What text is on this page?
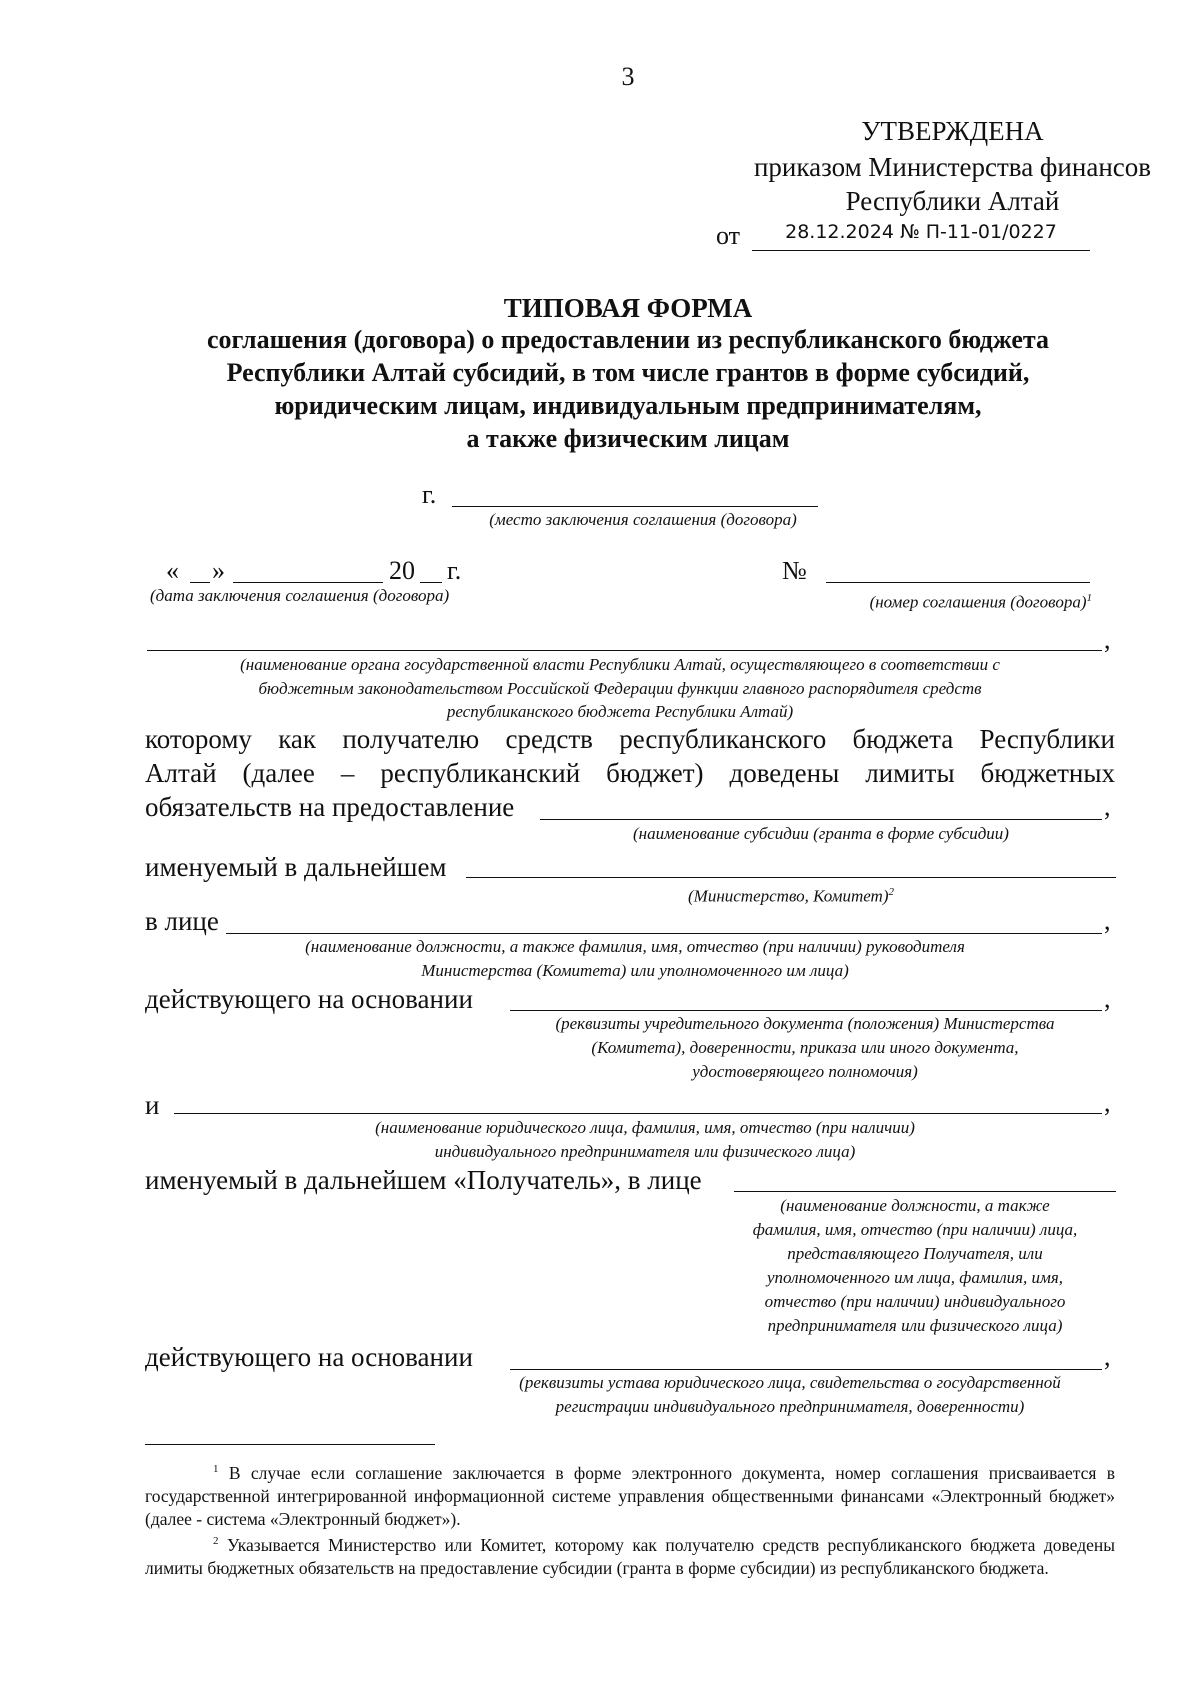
3
УТВЕРЖДЕНА
приказом Министерства финансов
Республики Алтай
от	28.12.2024 № П-11-01/0227
ТИПОВАЯ ФОРМА
соглашения (договора) о предоставлении из республиканского бюджета
Республики Алтай субсидий, в том числе грантов в форме субсидий,
юридическим лицам, индивидуальным предпринимателям,
а также физическим лицам
г.
(место заключения соглашения (договора)
« »	20 г.
(дата заключения соглашения (договора)
№
(номер соглашения (договора)$^1$
,
(наименование органа государственной власти Республики Алтай, осуществляющего в соответствии с
бюджетным законодательством Российской Федерации функции главного распорядителя средств
республиканского бюджета Республики Алтай)
которому как получателю средств республиканского бюджета Республики
Алтай (далее – республиканский бюджет) доведены лимиты бюджетных
обязательств на предоставление	,
(наименование субсидии (гранта в форме субсидии)
именуемый в дальнейшем
(Министерство, Комитет)$^2$
в лице	,
(наименование должности, а также фамилия, имя, отчество (при наличии) руководителя
Министерства (Комитета) или уполномоченного им лица)
действующего на основании	,
(реквизиты учредительного документа (положения) Министерства
(Комитета), доверенности, приказа или иного документа,
удостоверяющего полномочия)
и	,
(наименование юридического лица, фамилия, имя, отчество (при наличии)
индивидуального предпринимателя или физического лица)
именуемый в дальнейшем «Получатель», в лице
(наименование должности, а также
фамилия, имя, отчество (при наличии) лица,
представляющего Получателя, или
уполномоченного им лица, фамилия, имя,
отчество (при наличии) индивидуального
предпринимателя или физического лица)
действующего на основании	,
(реквизиты устава юридического лица, свидетельства о государственной
регистрации индивидуального предпринимателя, доверенности)
$^1$ В случае если соглашение заключается в форме электронного документа, номер соглашения присваивается в государственной интегрированной информационной системе управления общественными финансами «Электронный бюджет» (далее - система «Электронный бюджет»).
$^2$ Указывается Министерство или Комитет, которому как получателю средств республиканского бюджета доведены лимиты бюджетных обязательств на предоставление субсидии (гранта в форме субсидии) из республиканского бюджета.
